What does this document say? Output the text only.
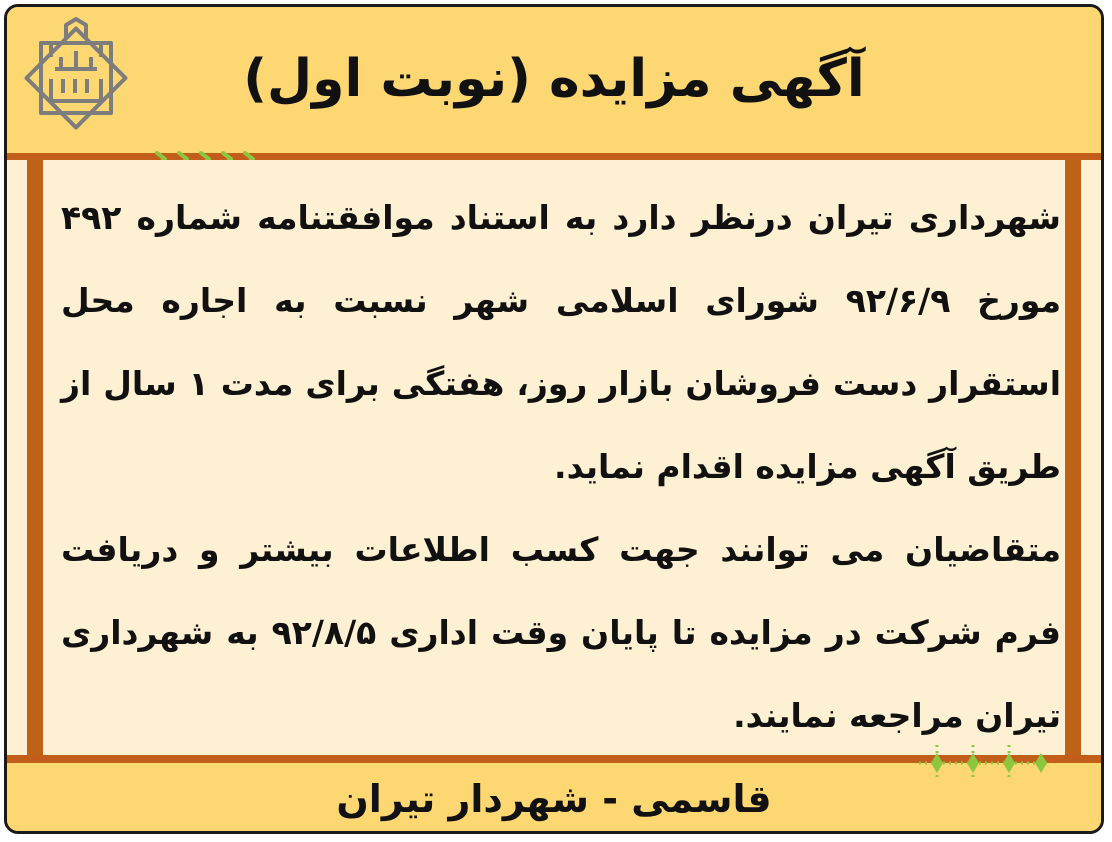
آگهی مزایده (نوبت اول)

شهرداری تیران درنظر دارد به استناد موافقتنامه شماره ۴۹۲ مورخ ۹۲/۶/۹ شورای اسلامی شهر نسبت به اجاره محل استقرار دست فروشان بازار روز، هفتگی برای مدت ۱ سال از طریق آگهی مزایده اقدام نماید.

متقاضیان می توانند جهت کسب اطلاعات بیشتر و دریافت فرم شرکت در مزایده تا پایان وقت اداری ۹۲/۸/۵ به شهرداری تیران مراجعه نمایند.

قاسمی - شهردار تیران
